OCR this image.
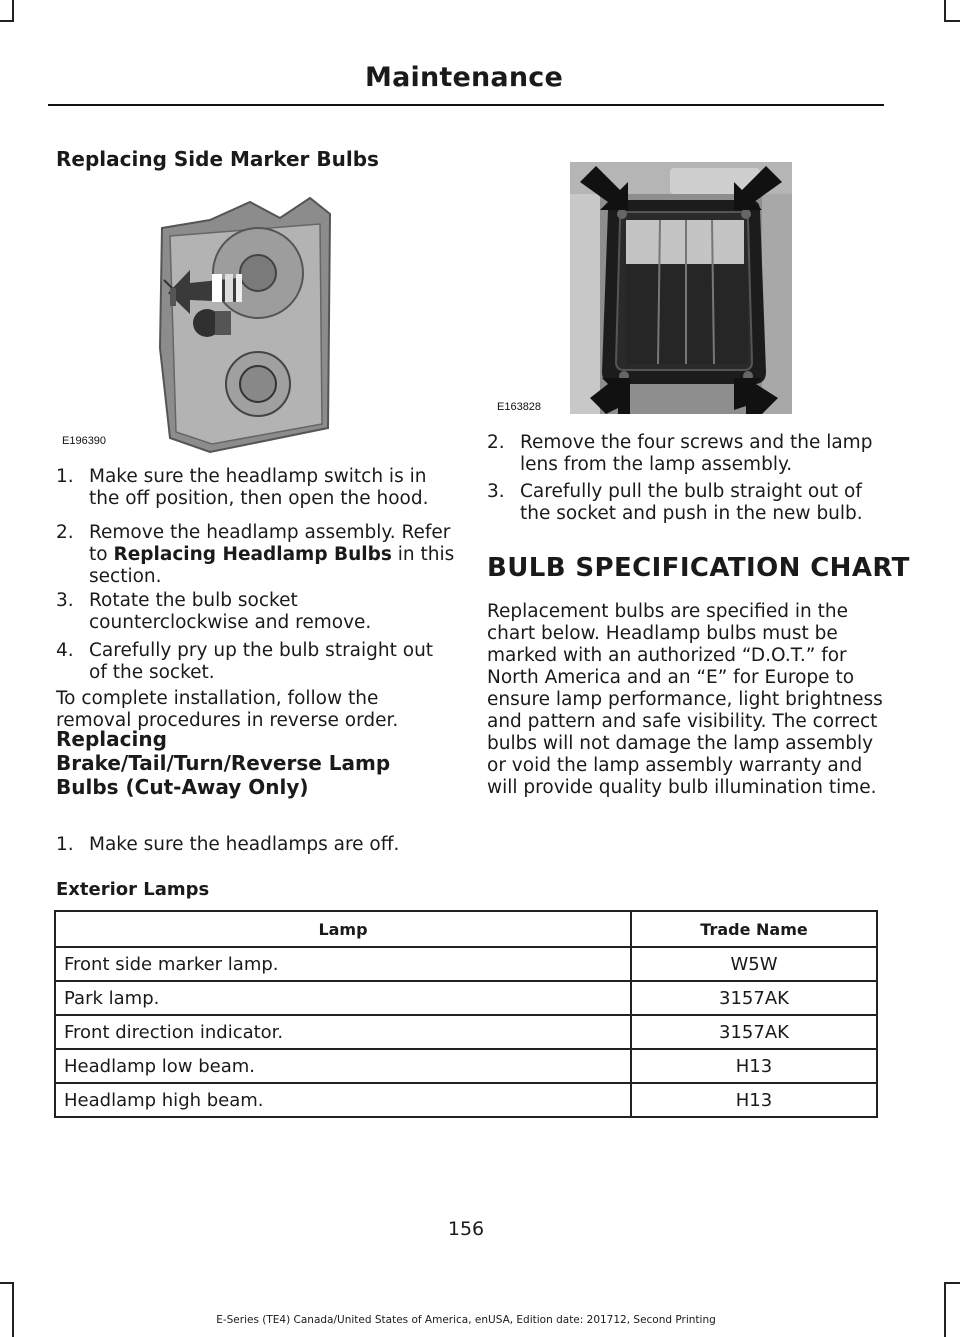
Maintenance
Replacing Side Marker Bulbs
E196390
1. Make sure the headlamp switch is in
the off position, then open the hood.
2. Remove the headlamp assembly. Refer
to Replacing Headlamp Bulbs in this
section.
3. Rotate the bulb socket
counterclockwise and remove.
4. Carefully pry up the bulb straight out
of the socket.
To complete installation, follow the
removal procedures in reverse order.
Replacing
Brake/Tail/Turn/Reverse Lamp
Bulbs (Cut-Away Only)
1. Make sure the headlamps are off.
E163828
2. Remove the four screws and the lamp
lens from the lamp assembly.
3. Carefully pull the bulb straight out of
the socket and push in the new bulb.
BULB SPECIFICATION CHART
Replacement bulbs are specified in the
chart below. Headlamp bulbs must be
marked with an authorized “D.O.T.” for
North America and an “E” for Europe to
ensure lamp performance, light brightness
and pattern and safe visibility. The correct
bulbs will not damage the lamp assembly
or void the lamp assembly warranty and
will provide quality bulb illumination time.
Exterior Lamps
Lamp	Trade Name
Front side marker lamp.	W5W
Park lamp.	3157AK
Front direction indicator.	3157AK
Headlamp low beam.	H13
Headlamp high beam.	H13
156
E-Series (TE4) Canada/United States of America, enUSA, Edition date: 201712, Second Printing
